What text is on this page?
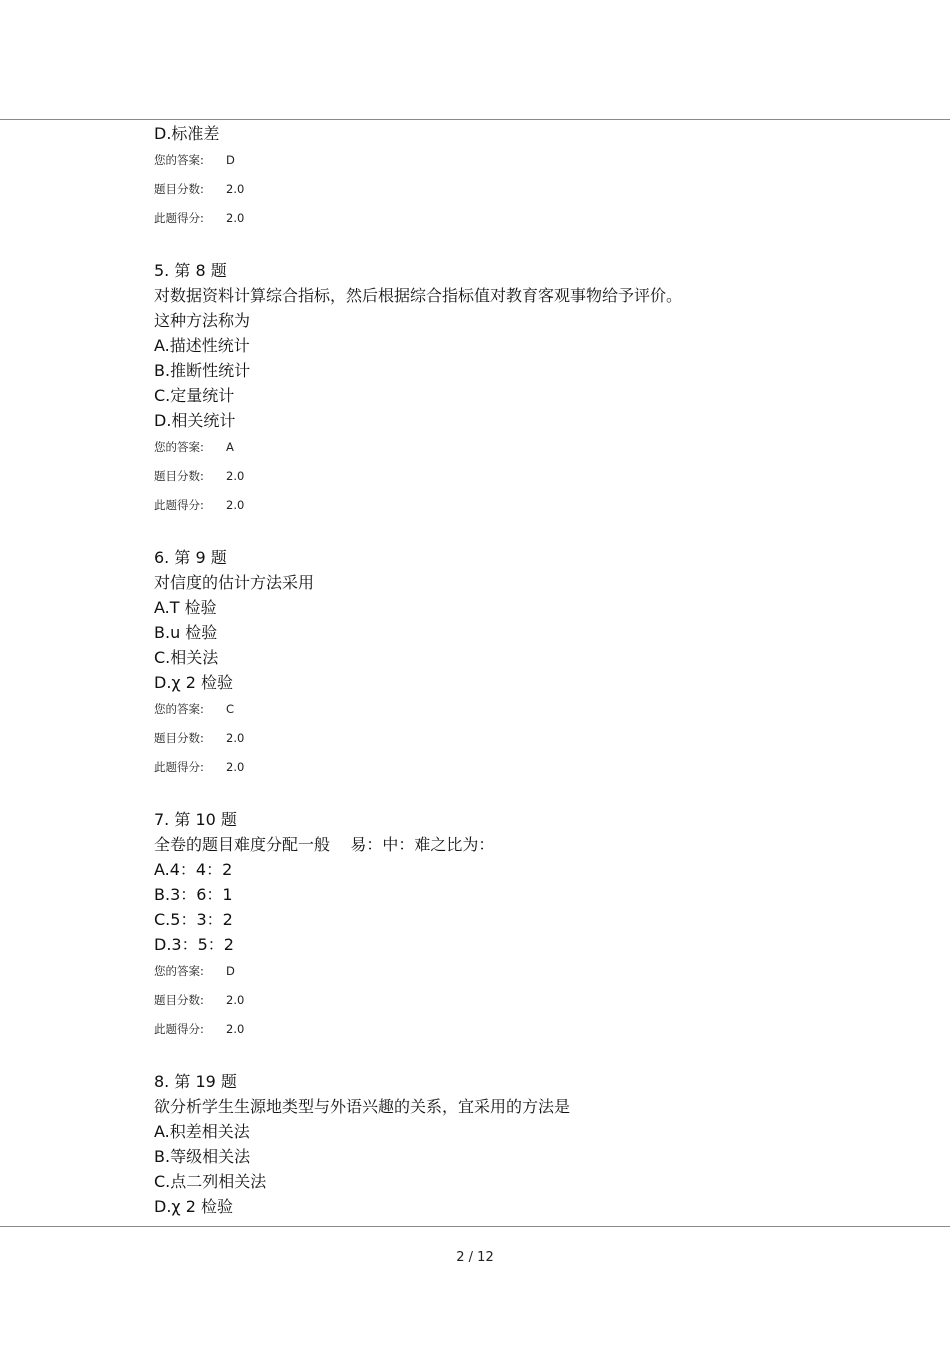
D.标准差
您的答案: D
题目分数: 2.0
此题得分: 2.0
5. 第 8 题
对数据资料计算综合指标，然后根据综合指标值对教育客观事物给予评价。
这种方法称为
A.描述性统计
B.推断性统计
C.定量统计
D.相关统计
您的答案: A
题目分数: 2.0
此题得分: 2.0
6. 第 9 题
对信度的估计方法采用
A.T 检验
B.u 检验
C.相关法
D.χ 2 检验
您的答案: C
题目分数: 2.0
此题得分: 2.0
7. 第 10 题
全卷的题目难度分配一般    易：中：难之比为：
A.4：4：2
B.3：6：1
C.5：3：2
D.3：5：2
您的答案: D
题目分数: 2.0
此题得分: 2.0
8. 第 19 题
欲分析学生生源地类型与外语兴趣的关系，宜采用的方法是
A.积差相关法
B.等级相关法
C.点二列相关法
D.χ 2 检验
2 / 12
